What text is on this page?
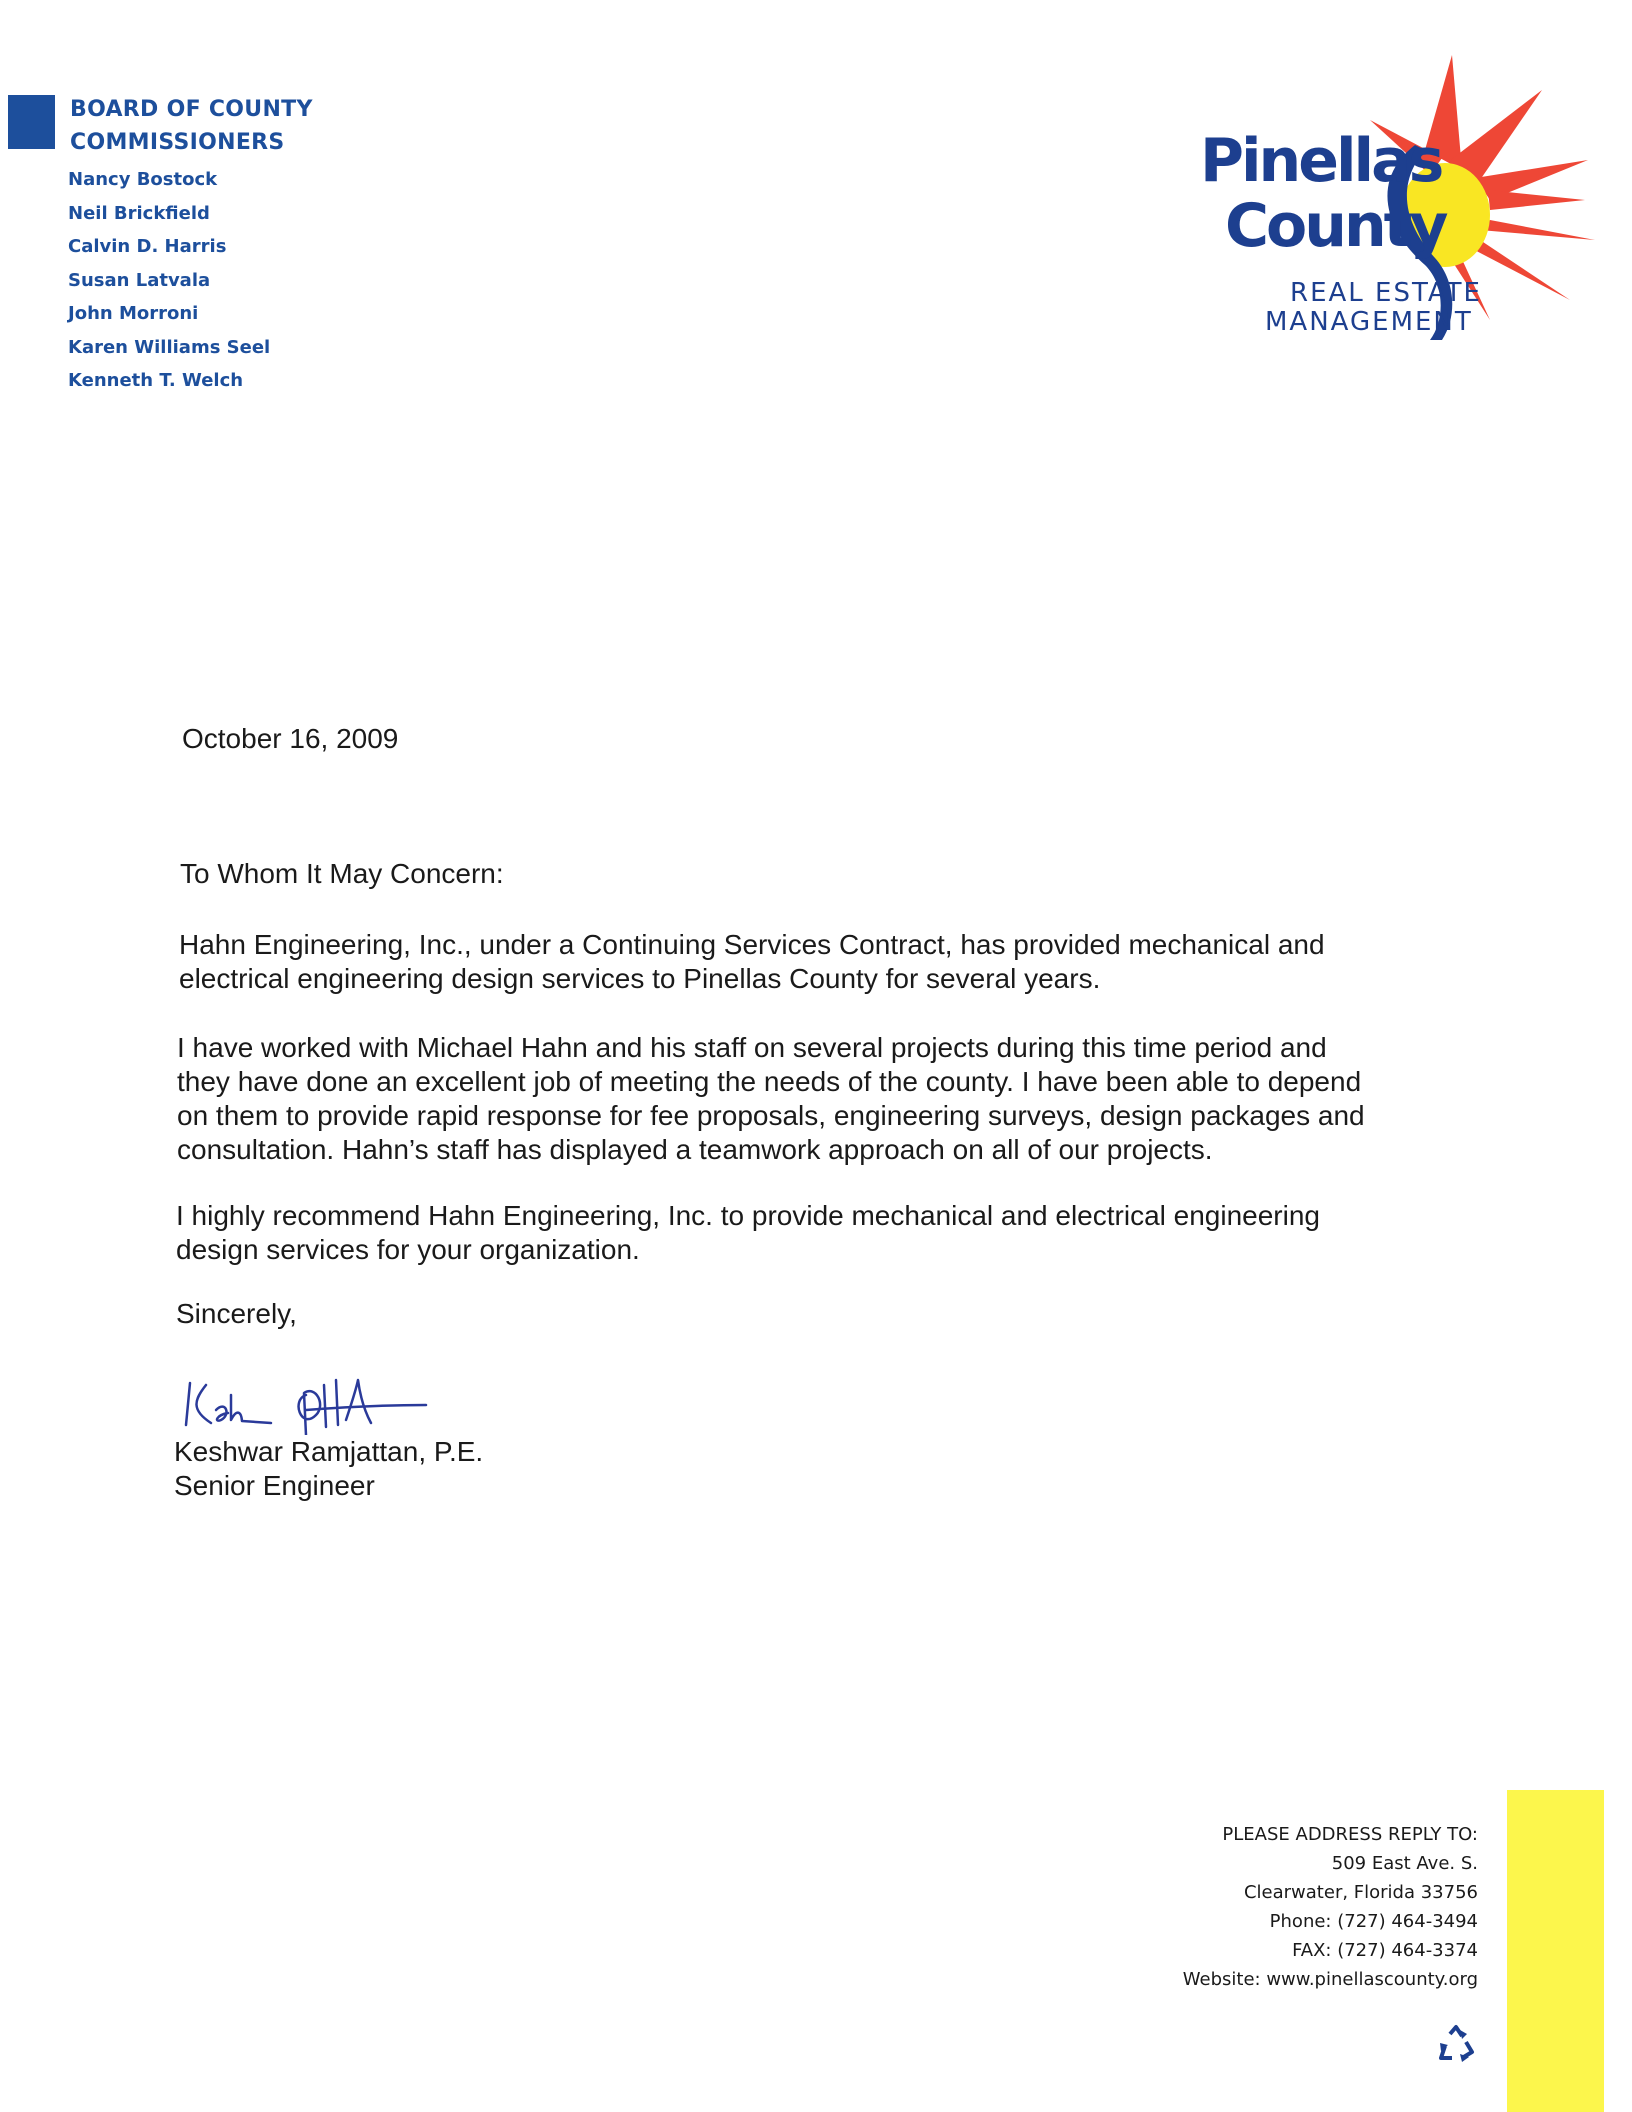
BOARD OF COUNTY
COMMISSIONERS
Nancy Bostock
Neil Brickfield
Calvin D. Harris
Susan Latvala
John Morroni
Karen Williams Seel
Kenneth T. Welch
Pinellas
County
REAL ESTATE
MANAGEMENT
October 16, 2009
To Whom It May Concern:
Hahn Engineering, Inc., under a Continuing Services Contract, has provided mechanical and
electrical engineering design services to Pinellas County for several years.
I have worked with Michael Hahn and his staff on several projects during this time period and
they have done an excellent job of meeting the needs of the county. I have been able to depend
on them to provide rapid response for fee proposals, engineering surveys, design packages and
consultation. Hahn’s staff has displayed a teamwork approach on all of our projects.
I highly recommend Hahn Engineering, Inc. to provide mechanical and electrical engineering
design services for your organization.
Sincerely,
Keshwar Ramjattan, P.E.
Senior Engineer
PLEASE ADDRESS REPLY TO:
509 East Ave. S.
Clearwater, Florida 33756
Phone: (727) 464-3494
FAX: (727) 464-3374
Website: www.pinellascounty.org
